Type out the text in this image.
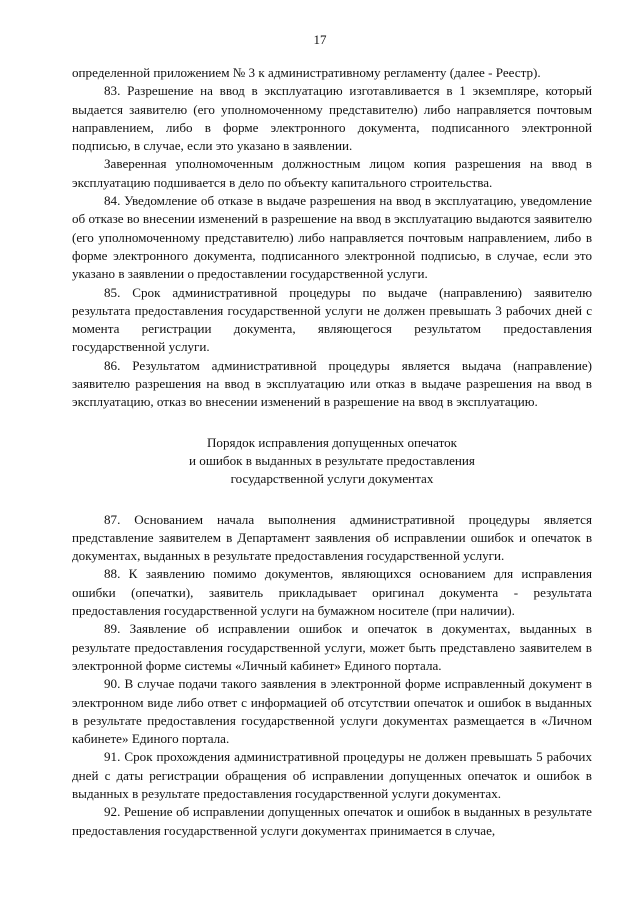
17

определенной приложением № 3 к административному регламенту (далее - Реестр).

83. Разрешение на ввод в эксплуатацию изготавливается в 1 экземпляре, который выдается заявителю (его уполномоченному представителю) либо направляется почтовым направлением, либо в форме электронного документа, подписанного электронной подписью, в случае, если это указано в заявлении.

Заверенная уполномоченным должностным лицом копия разрешения на ввод в эксплуатацию подшивается в дело по объекту капитального строительства.

84. Уведомление об отказе в выдаче разрешения на ввод в эксплуатацию, уведомление об отказе во внесении изменений в разрешение на ввод в эксплуатацию выдаются заявителю (его уполномоченному представителю) либо направляется почтовым направлением, либо в форме электронного документа, подписанного электронной подписью, в случае, если это указано в заявлении о предоставлении государственной услуги.

85. Срок административной процедуры по выдаче (направлению) заявителю результата предоставления государственной услуги не должен превышать 3 рабочих дней с момента регистрации документа, являющегося результатом предоставления государственной услуги.

86. Результатом административной процедуры является выдача (направление) заявителю разрешения на ввод в эксплуатацию или отказ в выдаче разрешения на ввод в эксплуатацию, отказ во внесении изменений в разрешение на ввод в эксплуатацию.

Порядок исправления допущенных опечаток
и ошибок в выданных в результате предоставления
государственной услуги документах

87. Основанием начала выполнения административной процедуры является представление заявителем в Департамент заявления об исправлении ошибок и опечаток в документах, выданных в результате предоставления государственной услуги.

88. К заявлению помимо документов, являющихся основанием для исправления ошибки (опечатки), заявитель прикладывает оригинал документа - результата предоставления государственной услуги на бумажном носителе (при наличии).

89. Заявление об исправлении ошибок и опечаток в документах, выданных в результате предоставления государственной услуги, может быть представлено заявителем в электронной форме системы «Личный кабинет» Единого портала.

90. В случае подачи такого заявления в электронной форме исправленный документ в электронном виде либо ответ с информацией об отсутствии опечаток и ошибок в выданных в результате предоставления государственной услуги документах размещается в «Личном кабинете» Единого портала.

91. Срок прохождения административной процедуры не должен превышать 5 рабочих дней с даты регистрации обращения об исправлении допущенных опечаток и ошибок в выданных в результате предоставления государственной услуги документах.

92. Решение об исправлении допущенных опечаток и ошибок в выданных в результате предоставления государственной услуги документах принимается в случае,
